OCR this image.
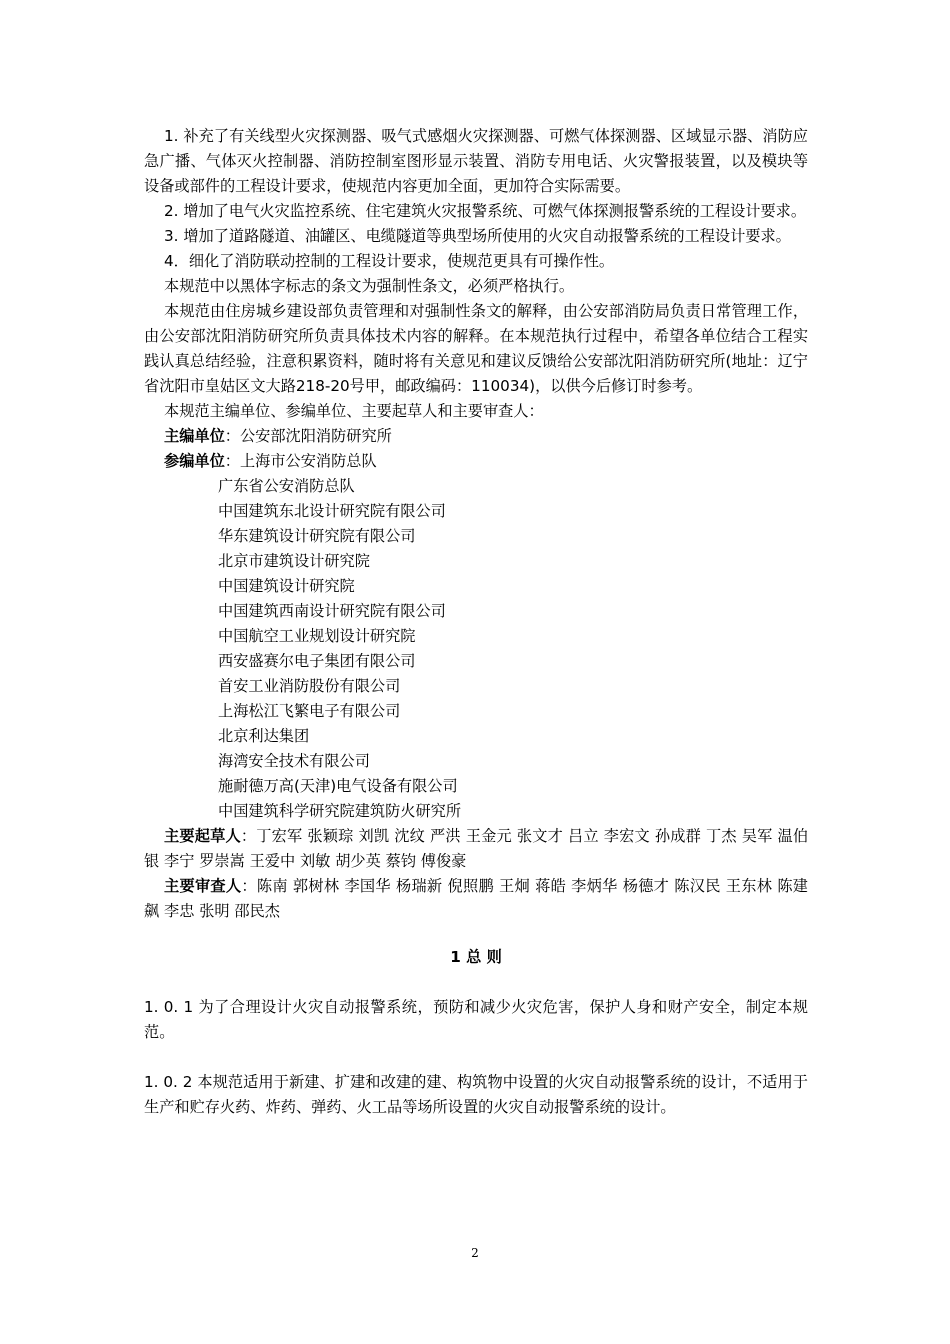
1. 补充了有关线型火灾探测器、吸气式感烟火灾探测器、可燃气体探测器、区域显示器、消防应急广播、气体灭火控制器、消防控制室图形显示装置、消防专用电话、火灾警报装置，以及模块等设备或部件的工程设计要求，使规范内容更加全面，更加符合实际需要。

2. 增加了电气火灾监控系统、住宅建筑火灾报警系统、可燃气体探测报警系统的工程设计要求。

3. 增加了道路隧道、油罐区、电缆隧道等典型场所使用的火灾自动报警系统的工程设计要求。

4．细化了消防联动控制的工程设计要求，使规范更具有可操作性。

本规范中以黑体字标志的条文为强制性条文，必须严格执行。

本规范由住房城乡建设部负责管理和对强制性条文的解释，由公安部消防局负责日常管理工作，由公安部沈阳消防研究所负责具体技术内容的解释。在本规范执行过程中，希望各单位结合工程实践认真总结经验，注意积累资料，随时将有关意见和建议反馈给公安部沈阳消防研究所(地址：辽宁省沈阳市皇姑区文大路218-20号甲，邮政编码：110034)，以供今后修订时参考。

本规范主编单位、参编单位、主要起草人和主要审查人：

主编单位：公安部沈阳消防研究所

参编单位：上海市公安消防总队

广东省公安消防总队
中国建筑东北设计研究院有限公司
华东建筑设计研究院有限公司
北京市建筑设计研究院
中国建筑设计研究院
中国建筑西南设计研究院有限公司
中国航空工业规划设计研究院
西安盛赛尔电子集团有限公司
首安工业消防股份有限公司
上海松江飞繁电子有限公司
北京利达集团
海湾安全技术有限公司
施耐德万高(天津)电气设备有限公司
中国建筑科学研究院建筑防火研究所

主要起草人：丁宏军 张颖琮 刘凯 沈纹 严洪 王金元 张文才 吕立 李宏文 孙成群 丁杰 吴军 温伯银 李宁 罗崇嵩 王爱中 刘敏 胡少英 蔡钧 傅俊豪

主要审查人：陈南 郭树林 李国华 杨瑞新 倪照鹏 王炯 蒋皓 李炳华 杨德才 陈汉民 王东林 陈建飙 李忠 张明 邵民杰

1 总 则

1. 0. 1 为了合理设计火灾自动报警系统，预防和减少火灾危害，保护人身和财产安全，制定本规范。

1. 0. 2 本规范适用于新建、扩建和改建的建、构筑物中设置的火灾自动报警系统的设计，不适用于生产和贮存火药、炸药、弹药、火工品等场所设置的火灾自动报警系统的设计。

2
